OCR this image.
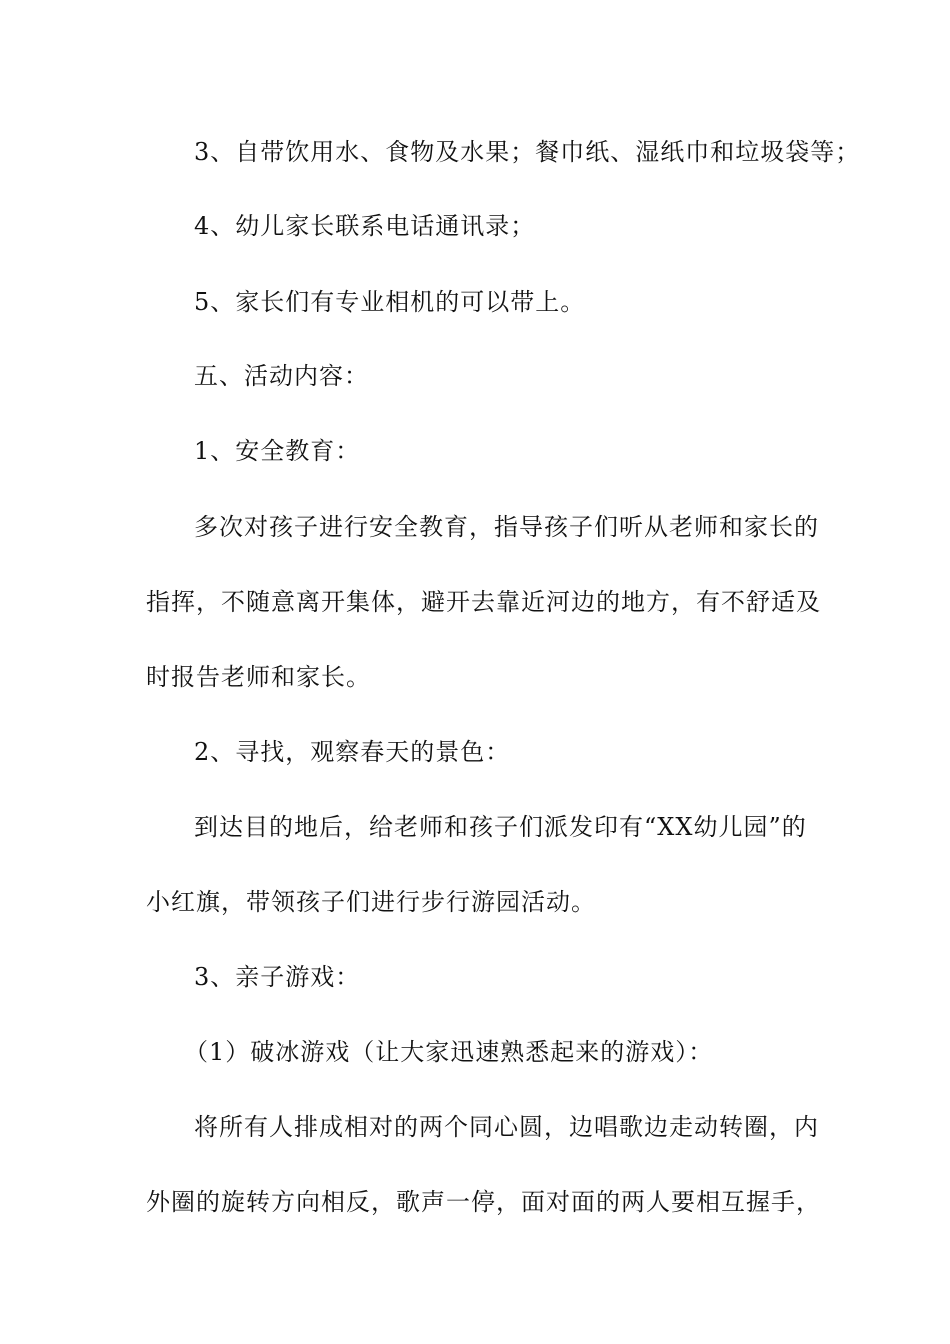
3、自带饮用水、食物及水果；餐巾纸、湿纸巾和垃圾袋等；
4、幼儿家长联系电话通讯录；
5、家长们有专业相机的可以带上。
五、活动内容：
1、安全教育：
多次对孩子进行安全教育，指导孩子们听从老师和家长的
指挥，不随意离开集体，避开去靠近河边的地方，有不舒适及
时报告老师和家长。
2、寻找，观察春天的景色：
到达目的地后，给老师和孩子们派发印有“XX幼儿园”的
小红旗，带领孩子们进行步行游园活动。
3、亲子游戏：
（1）破冰游戏（让大家迅速熟悉起来的游戏）：
将所有人排成相对的两个同心圆，边唱歌边走动转圈，内
外圈的旋转方向相反，歌声一停，面对面的两人要相互握手，
